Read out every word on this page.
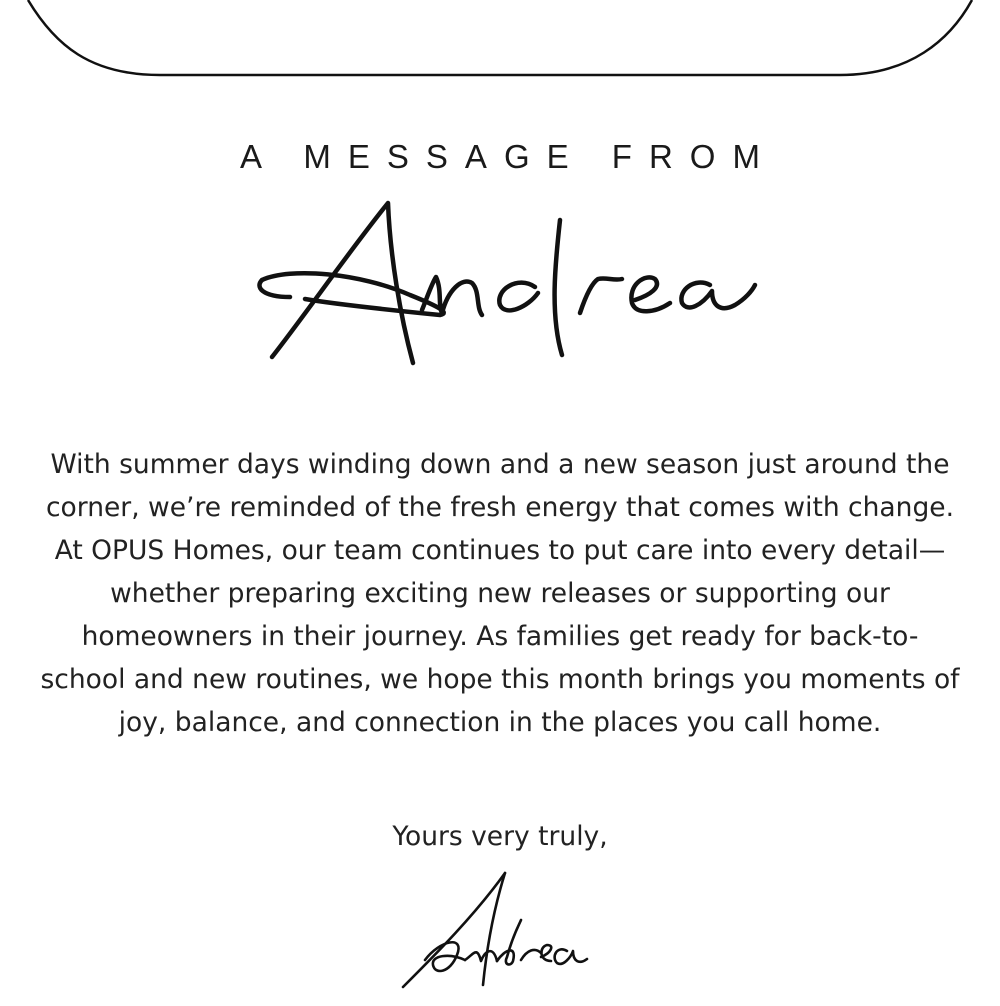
A MESSAGE FROM

With summer days winding down and a new season just around the corner, we’re reminded of the fresh energy that comes with change. At OPUS Homes, our team continues to put care into every detail—whether preparing exciting new releases or supporting our homeowners in their journey. As families get ready for back-to-school and new routines, we hope this month brings you moments of joy, balance, and connection in the places you call home.

Yours very truly,
